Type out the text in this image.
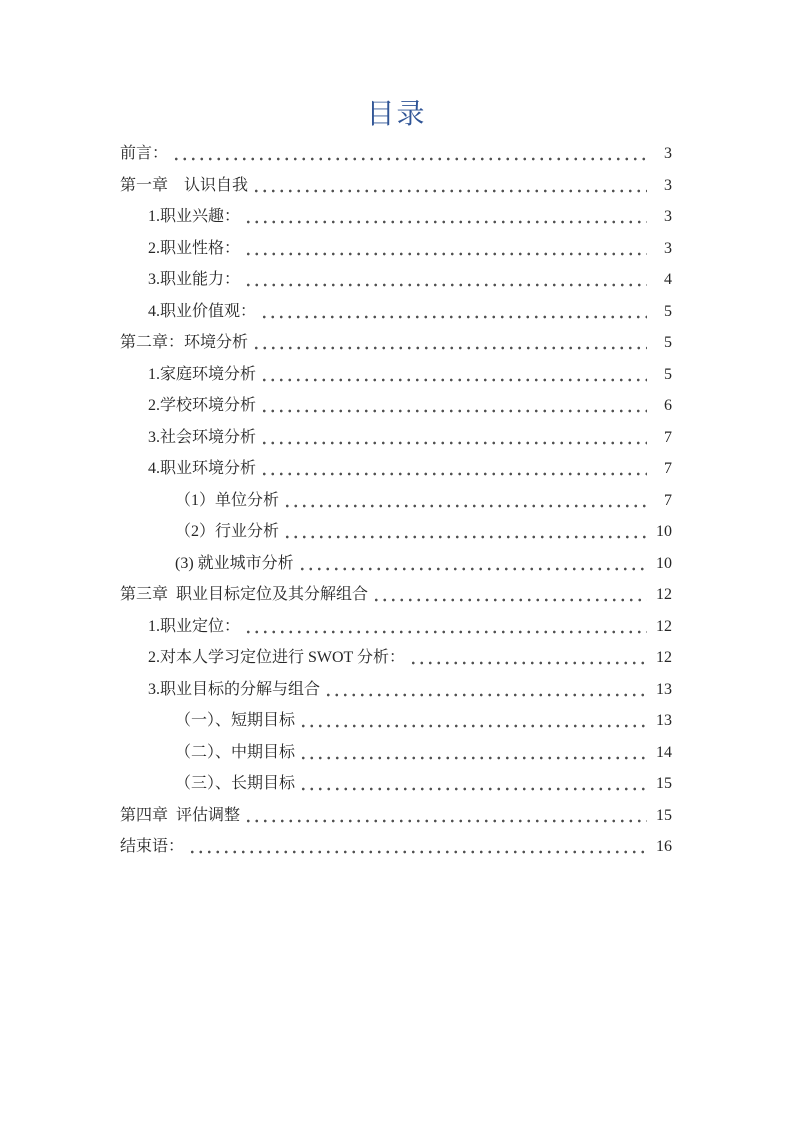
目录
前言：	3
第一章    认识自我	3
1.职业兴趣：	3
2.职业性格：	3
3.职业能力：	4
4.职业价值观：	5
第二章：环境分析	5
1.家庭环境分析	5
2.学校环境分析	6
3.社会环境分析	7
4.职业环境分析	7
（1）单位分析	7
（2）行业分析	10
(3) 就业城市分析	10
第三章  职业目标定位及其分解组合	12
1.职业定位：	12
2.对本人学习定位进行 SWOT 分析：	12
3.职业目标的分解与组合	13
（一）、短期目标	13
（二）、中期目标	14
（三）、长期目标	15
第四章  评估调整	15
结束语：	16
